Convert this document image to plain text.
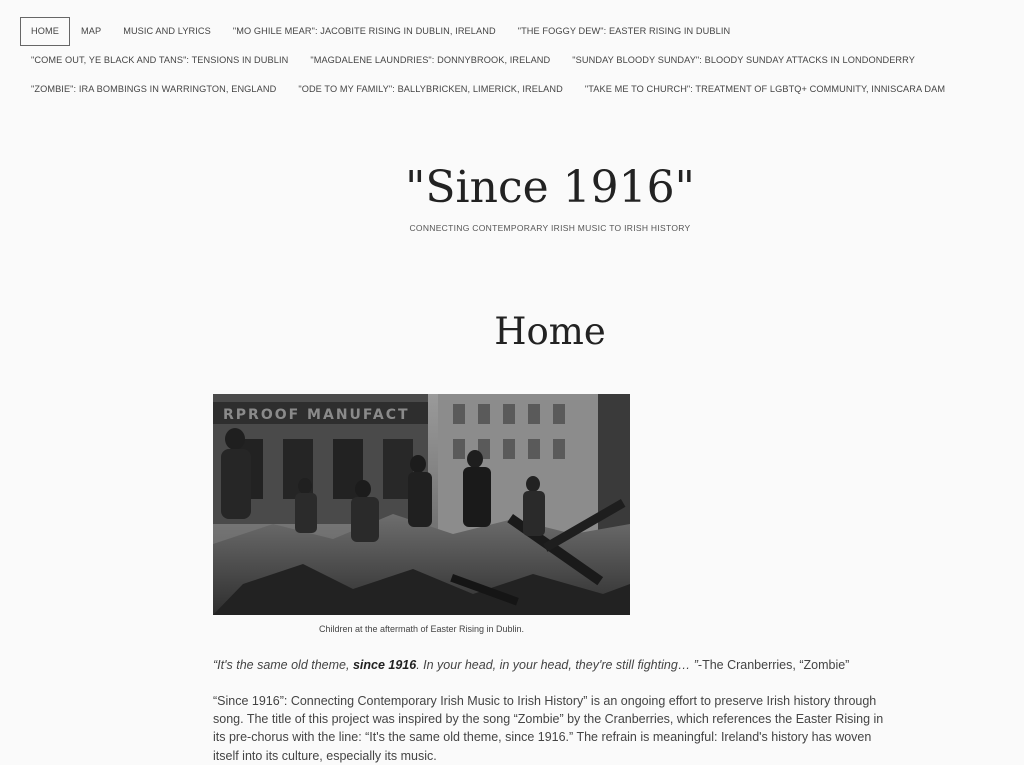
HOME	MAP	MUSIC AND LYRICS	"MO GHILE MEAR": JACOBITE RISING IN DUBLIN, IRELAND	"THE FOGGY DEW": EASTER RISING IN DUBLIN
"COME OUT, YE BLACK AND TANS": TENSIONS IN DUBLIN	"MAGDALENE LAUNDRIES": DONNYBROOK, IRELAND	"SUNDAY BLOODY SUNDAY": BLOODY SUNDAY ATTACKS IN LONDONDERRY
"ZOMBIE": IRA BOMBINGS IN WARRINGTON, ENGLAND	"ODE TO MY FAMILY": BALLYBRICKEN, LIMERICK, IRELAND	"TAKE ME TO CHURCH": TREATMENT OF LGBTQ+ COMMUNITY, INNISCARA DAM
"Since 1916"
CONNECTING CONTEMPORARY IRISH MUSIC TO IRISH HISTORY
Home
RPROOF MANUFACT
Children at the aftermath of Easter Rising in Dublin.
“It's the same old theme, since 1916. In your head, in your head, they're still fighting… ”-The Cranberries, “Zombie”

“Since 1916”: Connecting Contemporary Irish Music to Irish History” is an ongoing effort to preserve Irish history through song. The title of this project was inspired by the song “Zombie” by the Cranberries, which references the Easter Rising in its pre-chorus with the line: “It's the same old theme, since 1916.” The refrain is meaningful: Ireland's history has woven itself into its culture, especially its music.
